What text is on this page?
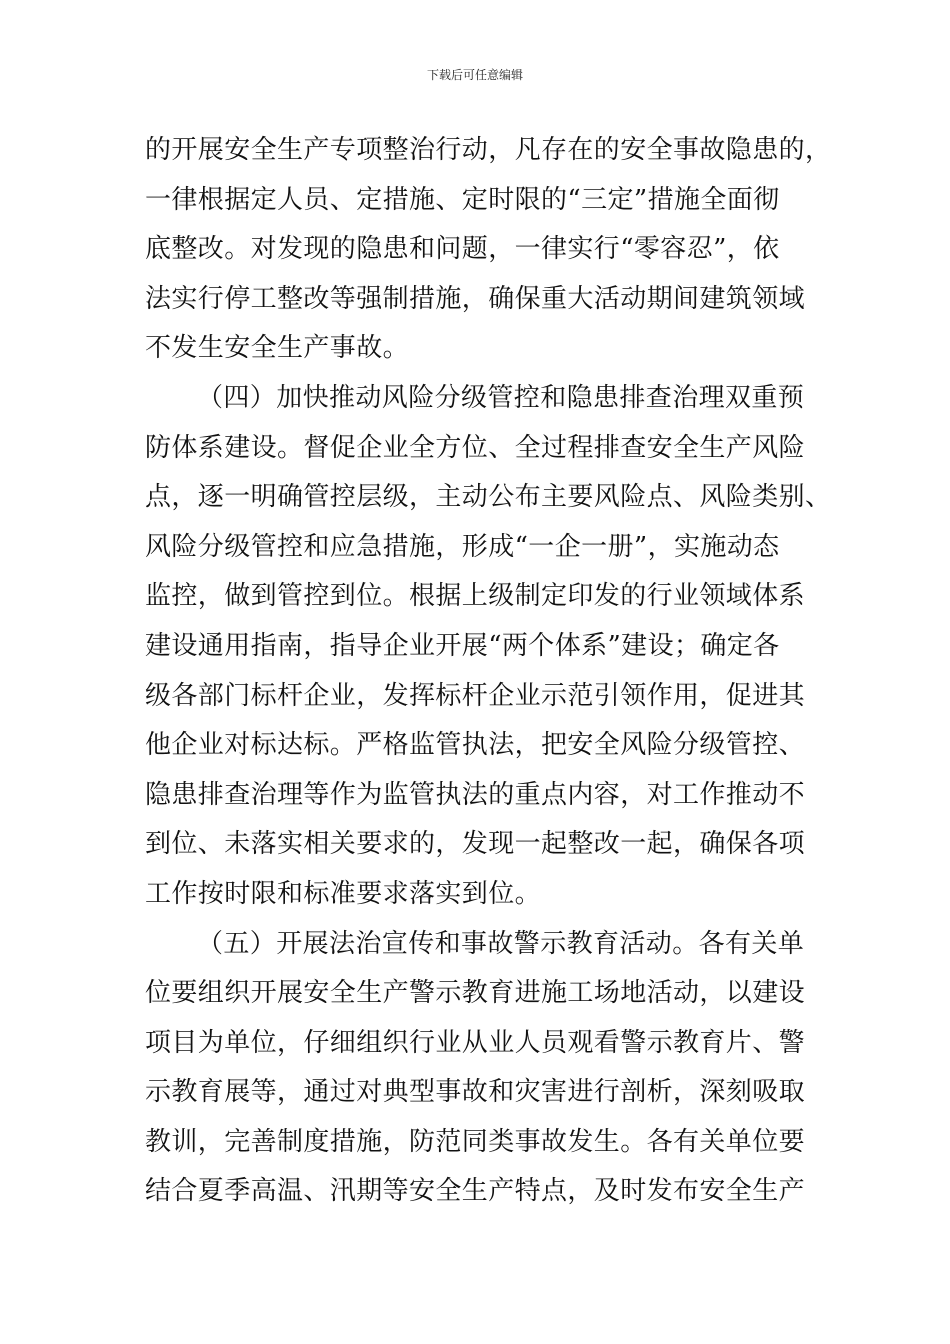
下载后可任意编辑
的开展安全生产专项整治行动，凡存在的安全事故隐患的，
一律根据定人员、定措施、定时限的“三定”措施全面彻
底整改。对发现的隐患和问题，一律实行“零容忍”，依
法实行停工整改等强制措施，确保重大活动期间建筑领域
不发生安全生产事故。
（四）加快推动风险分级管控和隐患排查治理双重预
防体系建设。督促企业全方位、全过程排查安全生产风险
点，逐一明确管控层级，主动公布主要风险点、风险类别、
风险分级管控和应急措施，形成“一企一册”，实施动态
监控，做到管控到位。根据上级制定印发的行业领域体系
建设通用指南，指导企业开展“两个体系”建设；确定各
级各部门标杆企业，发挥标杆企业示范引领作用，促进其
他企业对标达标。严格监管执法，把安全风险分级管控、
隐患排查治理等作为监管执法的重点内容，对工作推动不
到位、未落实相关要求的，发现一起整改一起，确保各项
工作按时限和标准要求落实到位。
（五）开展法治宣传和事故警示教育活动。各有关单
位要组织开展安全生产警示教育进施工场地活动，以建设
项目为单位，仔细组织行业从业人员观看警示教育片、警
示教育展等，通过对典型事故和灾害进行剖析，深刻吸取
教训，完善制度措施，防范同类事故发生。各有关单位要
结合夏季高温、汛期等安全生产特点，及时发布安全生产
